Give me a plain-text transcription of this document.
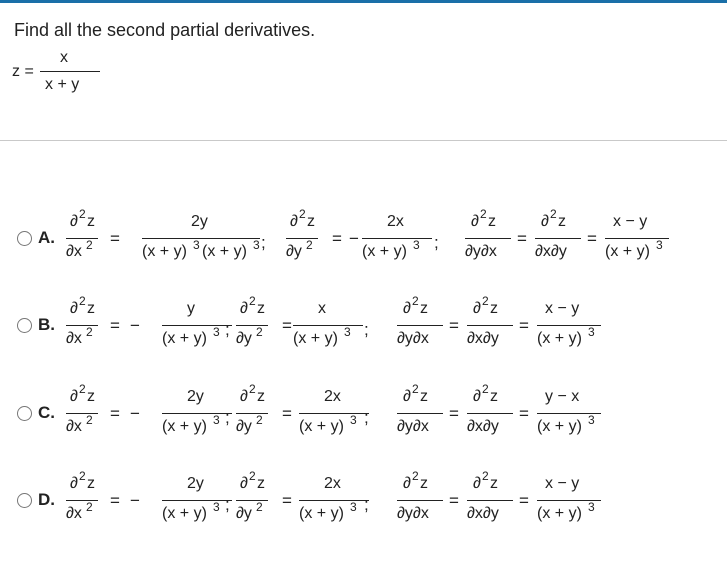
Find all the second partial derivatives.
z =
x
x + y
A.
∂ 2 z
∂x 2 =
2y
(x + y) 3 (x + y) 3 ;
∂ 2 z
∂y 2 = −
2x
(x + y) 3 ;
∂ 2 z
∂y∂x
=
∂ 2 z
∂x∂y
=
x − y
(x + y) 3
B.
∂ 2 z
∂x 2 = −
y
(x + y) 3 ;
∂ 2 z
∂y 2 =
x
(x + y) 3 ;
∂ 2 z
∂y∂x
=
∂ 2 z
∂x∂y
=
x − y
(x + y) 3
C.
∂ 2 z
∂x 2 = −
2y
(x + y) 3 ;
∂ 2 z
∂y 2 =
2x
(x + y) 3 ;
∂ 2 z
∂y∂x
=
∂ 2 z
∂x∂y
=
y − x
(x + y) 3
D.
∂ 2 z
∂x 2 = −
2y
(x + y) 3 ;
∂ 2 z
∂y 2 =
2x
(x + y) 3 ;
∂ 2 z
∂y∂x
=
∂ 2 z
∂x∂y
=
x − y
(x + y) 3
